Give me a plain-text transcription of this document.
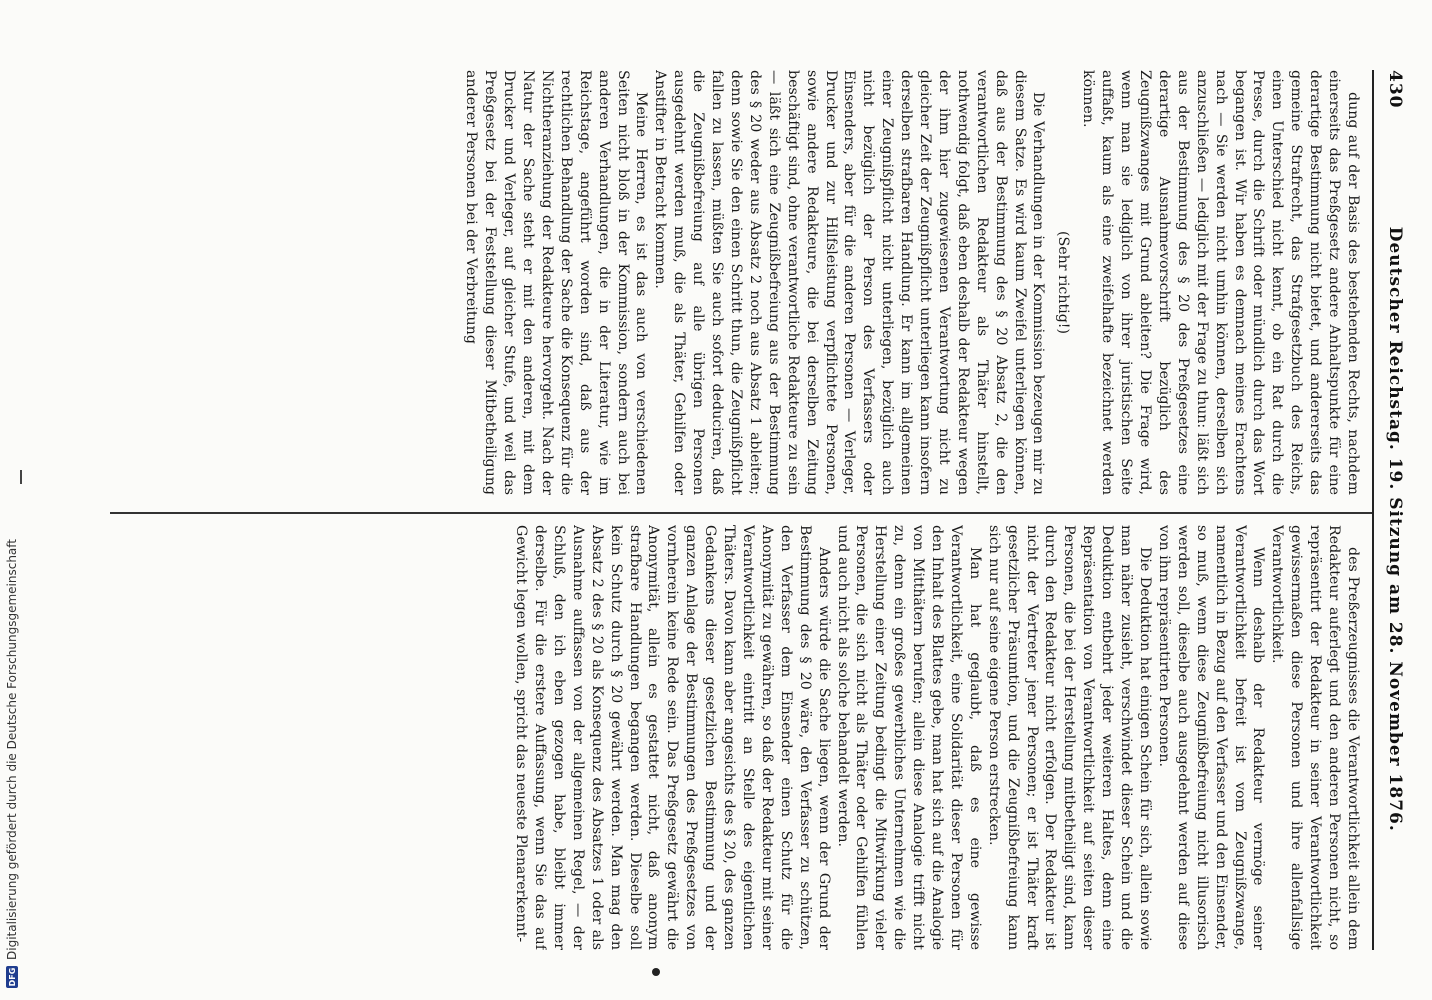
430
Deutscher Reichstag. 19. Sitzung am 28. November 1876.

dung auf der Basis des bestehenden Rechts, nachdem einerseits das Preßgesetz andere Anhaltspunkte für eine derartige Bestimmung nicht bietet, und andererseits das gemeine Strafrecht, das Strafgesetzbuch des Reichs, einen Unterschied nicht kennt, ob ein Rat durch die Presse, durch die Schrift oder mündlich durch das Wort begangen ist. Wir haben es demnach meines Erachtens nach — Sie werden nicht umhin können, derselben sich anzuschließen — lediglich mit der Frage zu thun: läßt sich aus der Bestimmung des § 20 des Preßgesetzes eine derartige Ausnahmevorschrift bezüglich des Zeugnißzwanges mit Grund ableiten? Die Frage wird, wenn man sie lediglich von ihrer juristischen Seite auffaßt, kaum als eine zweifelhafte bezeichnet werden können.

(Sehr richtig!)

Die Verhandlungen in der Kommission bezeugen mir zu diesem Satze. Es wird kaum Zweifel unterliegen können, daß aus der Bestimmung des § 20 Absatz 2, die den verantwortlichen Redakteur als Thäter hinstellt, nothwendig folgt, daß eben deshalb der Redakteur wegen der ihm hier zugewiesenen Verantwortung nicht zu gleicher Zeit der Zeugnißpflicht unterliegen kann insofern derselben strafbaren Handlung. Er kann im allgemeinen einer Zeugnißpflicht nicht unterliegen, bezüglich auch nicht bezüglich der Person des Verfassers oder Einsenders, aber für die anderen Personen — Verleger, Drucker und zur Hilfsleistung verpflichtete Personen, sowie andere Redakteure, die bei derselben Zeitung beschäftigt sind, ohne verantwortliche Redakteure zu sein — läßt sich eine Zeugnißbefreiung aus der Bestimmung des § 20 weder aus Absatz 2 noch aus Absatz 1 ableiten; denn sowie Sie den einen Schritt thun, die Zeugnißpflicht fallen zu lassen, müßten Sie auch sofort deduciren, daß die Zeugnißbefreiung auf alle übrigen Personen ausgedehnt werden muß, die als Thäter, Gehilfen oder Anstifter in Betracht kommen.

Meine Herren, es ist das auch von verschiedenen Seiten nicht bloß in der Kommission, sondern auch bei anderen Verhandlungen, die in der Literatur, wie im Reichstage, angeführt worden sind, daß aus der rechtlichen Behandlung der Sache die Konsequenz für die Nichtheranziehung der Redakteure hervorgeht. Nach der Natur der Sache steht er mit den anderen, mit dem Drucker und Verleger, auf gleicher Stufe, und weil das Preßgesetz bei der Feststellung dieser Mitbetheiligung anderer Personen bei der Verbreitung

des Preßerzeugnisses die Verantwortlichkeit allein dem Redakteur auferlegt und den anderen Personen nicht, so repräsentirt der Redakteur in seiner Verantwortlichkeit gewissermaßen diese Personen und ihre allenfallsige Verantwortlichkeit.

Wenn deshalb der Redakteur vermöge seiner Verantwortlichkeit befreit ist vom Zeugnißzwange, namentlich in Bezug auf den Verfasser und den Einsender, so muß, wenn diese Zeugnißbefreiung nicht illusorisch werden soll, dieselbe auch ausgedehnt werden auf diese von ihm repräsentirten Personen.

Die Deduktion hat einigen Schein für sich, allein sowie man näher zusieht, verschwindet dieser Schein und die Deduktion entbehrt jeder weiteren Haltes, denn eine Repräsentation von Verantwortlichkeit auf seiten dieser Personen, die bei der Herstellung mitbetheiligt sind, kann durch den Redakteur nicht erfolgen. Der Redakteur ist nicht der Vertreter jener Personen; er ist Thäter kraft gesetzlicher Präsumtion, und die Zeugnißbefreiung kann sich nur auf seine eigene Person erstrecken.

Man hat geglaubt, daß es eine gewisse Verantwortlichkeit, eine Solidarität dieser Personen für den Inhalt des Blattes gebe, man hat sich auf die Analogie von Mitthätern berufen; allein diese Analogie trifft nicht zu, denn ein großes gewerbliches Unternehmen wie die Herstellung einer Zeitung bedingt die Mitwirkung vieler Personen, die sich nicht als Thäter oder Gehilfen fühlen und auch nicht als solche behandelt werden.

Anders würde die Sache liegen, wenn der Grund der Bestimmung des § 20 wäre, den Verfasser zu schützen, den Verfasser dem Einsender einen Schutz für die Anonymität zu gewähren, so daß der Redakteur mit seiner Verantwortlichkeit eintritt an Stelle des eigentlichen Thäters. Davon kann aber angesichts des § 20, des ganzen Gedankens dieser gesetzlichen Bestimmung und der ganzen Anlage der Bestimmungen des Preßgesetzes von vornherein keine Rede sein. Das Preßgesetz gewährt die Anonymität, allein es gestattet nicht, daß anonym strafbare Handlungen begangen werden. Dieselbe soll kein Schutz durch § 20 gewährt werden. Man mag den Absatz 2 des § 20 als Konsequenz des Absatzes 1 oder als Ausnahme auffassen von der allgemeinen Regel, — der Schluß, den ich eben gezogen habe, bleibt immer derselbe. Für die erstere Auffassung, wenn Sie das auf Gewicht legen wollen, spricht das neueste Plenarerkennt-

DFG
Digitalisierung gefördert durch die Deutsche Forschungsgemeinschaft
